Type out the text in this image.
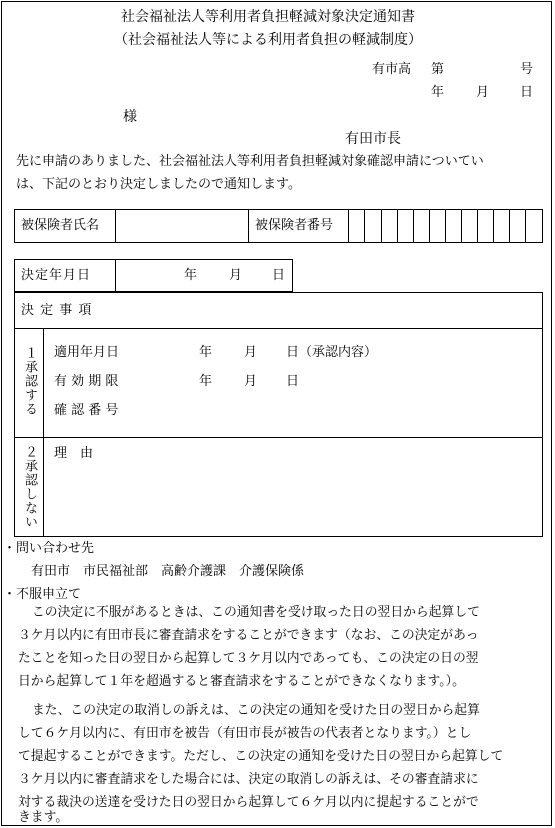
社会福祉法人等利用者負担軽減対象決定通知書
（社会福祉法人等による利用者負担の軽減制度）
有市高 第	号
年 月 日
様
有田市長
先に申請のありました、社会福祉法人等利用者負担軽減対象確認申請についてい
は、下記のとおり決定しましたので通知します。
被保険者氏名	被保険者番号
決定年月日	年 月 日
決 定 事 項
１承認する 適用年月日	年 月 日（承認内容）
有 効 期 限	年 月 日
確 認 番 号
２承認しない 理　由
・問い合わせ先
有田市　市民福祉部　高齢介護課　介護保険係
・不服申立て
この決定に不服があるときは、この通知書を受け取った日の翌日から起算して
３ケ月以内に有田市長に審査請求をすることができます（なお、この決定があっ
たことを知った日の翌日から起算して３ケ月以内であっても、この決定の日の翌
日から起算して１年を超過すると審査請求をすることができなくなります。）。
また、この決定の取消しの訴えは、この決定の通知を受けた日の翌日から起算
して６ケ月以内に、有田市を被告（有田市長が被告の代表者となります。）とし
て提起することができます。ただし、この決定の通知を受けた日の翌日から起算して
３ケ月以内に審査請求をした場合には、決定の取消しの訴えは、その審査請求に
対する裁決の送達を受けた日の翌日から起算して６ケ月以内に提起することがで
きます。
